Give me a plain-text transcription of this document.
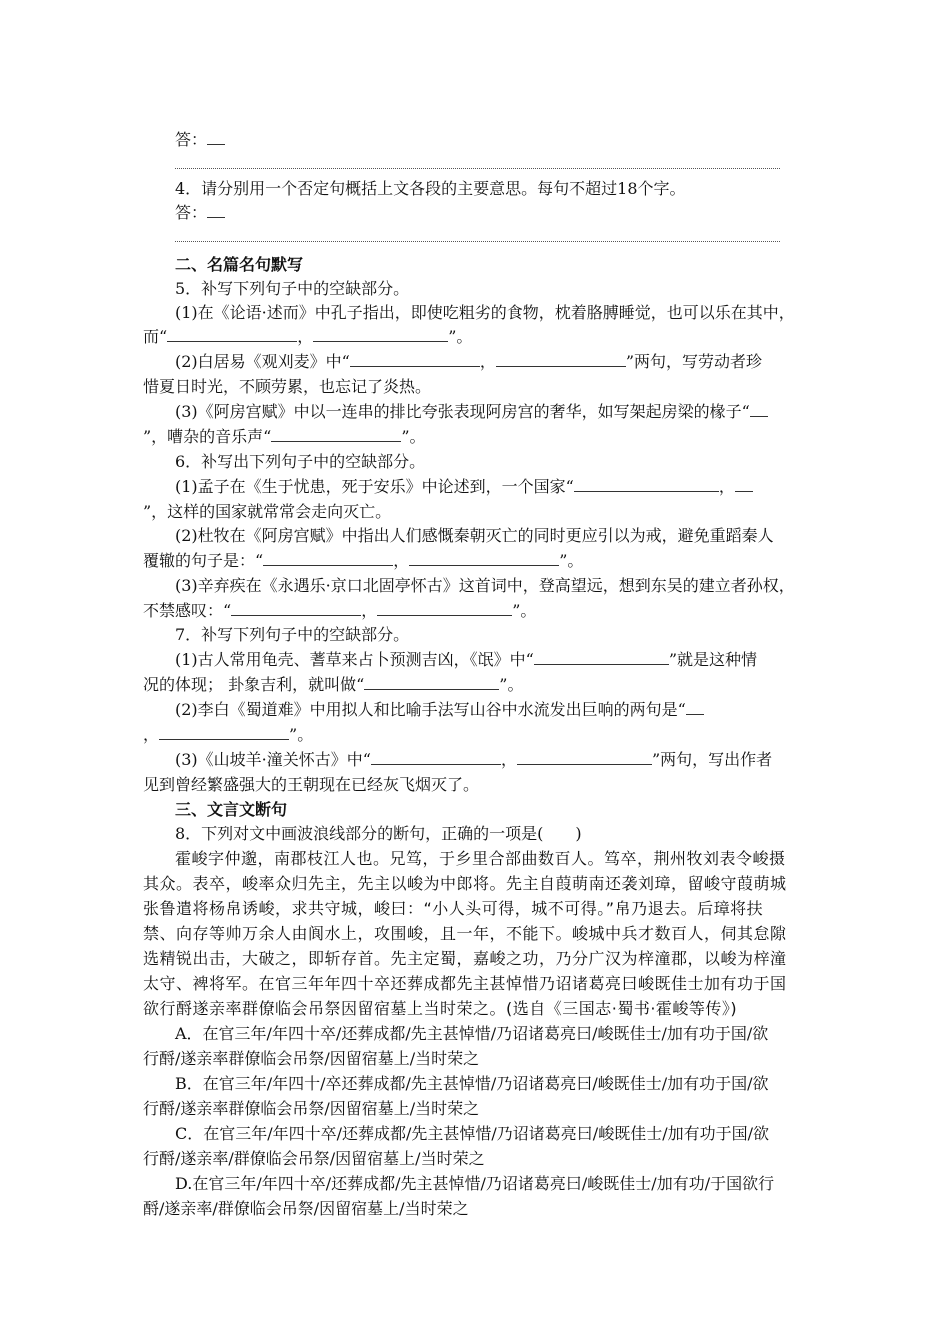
答：
4．请分别用一个否定句概括上文各段的主要意思。每句不超过18个字。
答：
二、名篇名句默写
5．补写下列句子中的空缺部分。
(1)在《论语·述而》中孔子指出，即使吃粗劣的食物，枕着胳膊睡觉，也可以乐在其中，
而“	，	”。
(2)白居易《观刈麦》中“	，	”两句，写劳动者珍
惜夏日时光，不顾劳累，也忘记了炎热。
(3)《阿房宫赋》中以一连串的排比夸张表现阿房宫的奢华，如写架起房梁的椽子“
”，嘈杂的音乐声“	”。
6．补写出下列句子中的空缺部分。
(1)孟子在《生于忧患，死于安乐》中论述到，一个国家“	，
”，这样的国家就常常会走向灭亡。
(2)杜牧在《阿房宫赋》中指出人们感慨秦朝灭亡的同时更应引以为戒，避免重蹈秦人
覆辙的句子是：“	，	”。
(3)辛弃疾在《永遇乐·京口北固亭怀古》这首词中，登高望远，想到东吴的建立者孙权，
不禁感叹：“	，	”。
7．补写下列句子中的空缺部分。
(1)古人常用龟壳、蓍草来占卜预测吉凶，《氓》中“	”就是这种情
况的体现； 卦象吉利，就叫做“	”。
(2)李白《蜀道难》中用拟人和比喻手法写山谷中水流发出巨响的两句是“
，	”。
(3)《山坡羊·潼关怀古》中“	，	”两句，写出作者
见到曾经繁盛强大的王朝现在已经灰飞烟灭了。
三、文言文断句
8．下列对文中画波浪线部分的断句，正确的一项是(　　)
霍峻字仲邈，南郡枝江人也。兄笃，于乡里合部曲数百人。笃卒，荆州牧刘表令峻摄
其众。表卒，峻率众归先主，先主以峻为中郎将。先主自葭萌南还袭刘璋，留峻守葭萌城
张鲁遣将杨帛诱峻，求共守城，峻曰：“小人头可得，城不可得。”帛乃退去。后璋将扶
禁、向存等帅万余人由阆水上，攻围峻，且一年，不能下。峻城中兵才数百人，伺其怠隙
选精锐出击，大破之，即斩存首。先主定蜀，嘉峻之功，乃分广汉为梓潼郡，以峻为梓潼
太守、裨将军。在官三年年四十卒还葬成都先主甚悼惜乃诏诸葛亮曰峻既佳士加有功于国
欲行酹遂亲率群僚临会吊祭因留宿墓上当时荣之。(选自《三国志·蜀书·霍峻等传》)
A．在官三年/年四十卒/还葬成都/先主甚悼惜/乃诏诸葛亮曰/峻既佳士/加有功于国/欲
行酹/遂亲率群僚临会吊祭/因留宿墓上/当时荣之
B．在官三年/年四十/卒还葬成都/先主甚悼惜/乃诏诸葛亮曰/峻既佳士/加有功于国/欲
行酹/遂亲率群僚临会吊祭/因留宿墓上/当时荣之
C．在官三年/年四十卒/还葬成都/先主甚悼惜/乃诏诸葛亮曰/峻既佳士/加有功于国/欲
行酹/遂亲率/群僚临会吊祭/因留宿墓上/当时荣之
D.在官三年/年四十卒/还葬成都/先主甚悼惜/乃诏诸葛亮曰/峻既佳士/加有功/于国欲行
酹/遂亲率/群僚临会吊祭/因留宿墓上/当时荣之
